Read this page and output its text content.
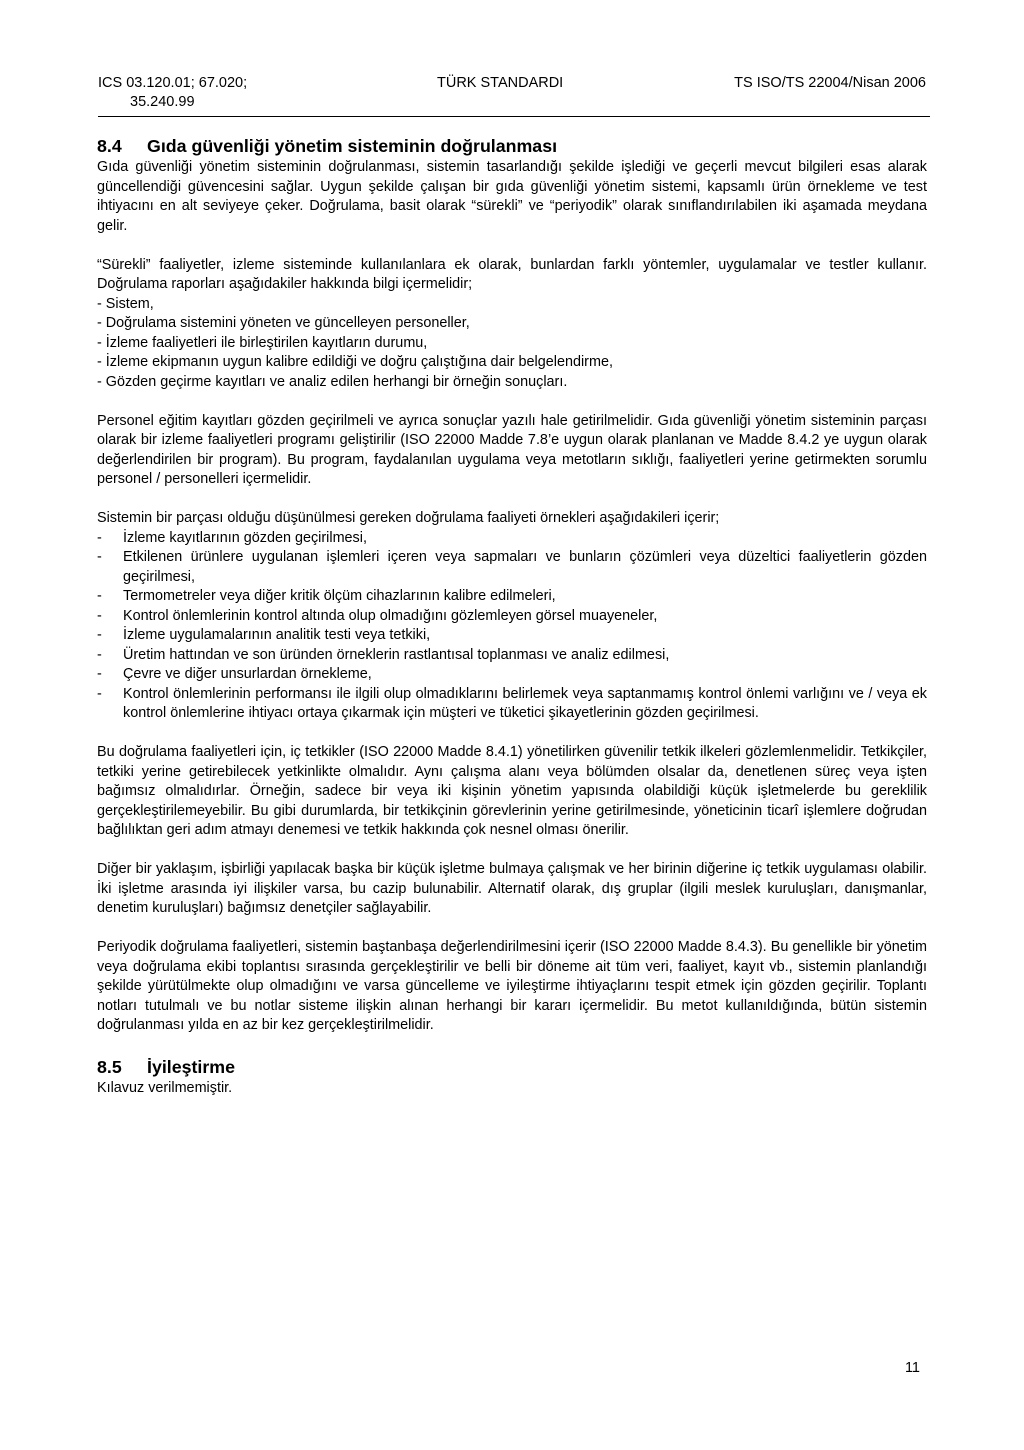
ICS 03.120.01; 67.020;
35.240.99
TÜRK STANDARDI	TS ISO/TS 22004/Nisan 2006
8.4 Gıda güvenliği yönetim sisteminin doğrulanması

Gıda güvenliği yönetim sisteminin doğrulanması, sistemin tasarlandığı şekilde işlediği ve geçerli mevcut bilgileri esas alarak güncellendiği güvencesini sağlar. Uygun şekilde çalışan bir gıda güvenliği yönetim sistemi, kapsamlı ürün örnekleme ve test ihtiyacını en alt seviyeye çeker. Doğrulama, basit olarak “sürekli” ve “periyodik” olarak sınıflandırılabilen iki aşamada meydana gelir.

“Sürekli” faaliyetler, izleme sisteminde kullanılanlara ek olarak, bunlardan farklı yöntemler, uygulamalar ve testler kullanır. Doğrulama raporları aşağıdakiler hakkında bilgi içermelidir;

- Sistem,

- Doğrulama sistemini yöneten ve güncelleyen personeller,

- İzleme faaliyetleri ile birleştirilen kayıtların durumu,

- İzleme ekipmanın uygun kalibre edildiği ve doğru çalıştığına dair belgelendirme,

- Gözden geçirme kayıtları ve analiz edilen herhangi bir örneğin sonuçları.

Personel eğitim kayıtları gözden geçirilmeli ve ayrıca sonuçlar yazılı hale getirilmelidir. Gıda güvenliği yönetim sisteminin parçası olarak bir izleme faaliyetleri programı geliştirilir (ISO 22000 Madde 7.8’e uygun olarak planlanan ve Madde 8.4.2 ye uygun olarak değerlendirilen bir program). Bu program, faydalanılan uygulama veya metotların sıklığı, faaliyetleri yerine getirmekten sorumlu personel / personelleri içermelidir.

Sistemin bir parçası olduğu düşünülmesi gereken doğrulama faaliyeti örnekleri aşağıdakileri içerir;

- İzleme kayıtlarının gözden geçirilmesi,
- Etkilenen ürünlere uygulanan işlemleri içeren veya sapmaları ve bunların çözümleri veya düzeltici faaliyetlerin gözden geçirilmesi,
- Termometreler veya diğer kritik ölçüm cihazlarının kalibre edilmeleri,
- Kontrol önlemlerinin kontrol altında olup olmadığını gözlemleyen görsel muayeneler,
- İzleme uygulamalarının analitik testi veya tetkiki,
- Üretim hattından ve son üründen örneklerin rastlantısal toplanması ve analiz edilmesi,
- Çevre ve diğer unsurlardan örnekleme,
- Kontrol önlemlerinin performansı ile ilgili olup olmadıklarını belirlemek veya saptanmamış kontrol önlemi varlığını ve / veya ek kontrol önlemlerine ihtiyacı ortaya çıkarmak için müşteri ve tüketici şikayetlerinin gözden geçirilmesi.

Bu doğrulama faaliyetleri için, iç tetkikler (ISO 22000 Madde 8.4.1) yönetilirken güvenilir tetkik ilkeleri gözlemlenmelidir. Tetkikçiler, tetkiki yerine getirebilecek yetkinlikte olmalıdır. Aynı çalışma alanı veya bölümden olsalar da, denetlenen süreç veya işten bağımsız olmalıdırlar. Örneğin, sadece bir veya iki kişinin yönetim yapısında olabildiği küçük işletmelerde bu gereklilik gerçekleştirilemeyebilir. Bu gibi durumlarda, bir tetkikçinin görevlerinin yerine getirilmesinde, yöneticinin ticarî işlemlere doğrudan bağlılıktan geri adım atmayı denemesi ve tetkik hakkında çok nesnel olması önerilir.

Diğer bir yaklaşım, işbirliği yapılacak başka bir küçük işletme bulmaya çalışmak ve her birinin diğerine iç tetkik uygulaması olabilir. İki işletme arasında iyi ilişkiler varsa, bu cazip bulunabilir. Alternatif olarak, dış gruplar (ilgili meslek kuruluşları, danışmanlar, denetim kuruluşları) bağımsız denetçiler sağlayabilir.

Periyodik doğrulama faaliyetleri, sistemin baştanbaşa değerlendirilmesini içerir (ISO 22000 Madde 8.4.3). Bu genellikle bir yönetim veya doğrulama ekibi toplantısı sırasında gerçekleştirilir ve belli bir döneme ait tüm veri, faaliyet, kayıt vb., sistemin planlandığı şekilde yürütülmekte olup olmadığını ve varsa güncelleme ve iyileştirme ihtiyaçlarını tespit etmek için gözden geçirilir. Toplantı notları tutulmalı ve bu notlar sisteme ilişkin alınan herhangi bir kararı içermelidir. Bu metot kullanıldığında, bütün sistemin doğrulanması yılda en az bir kez gerçekleştirilmelidir.

8.5 İyileştirme

Kılavuz verilmemiştir.

11
